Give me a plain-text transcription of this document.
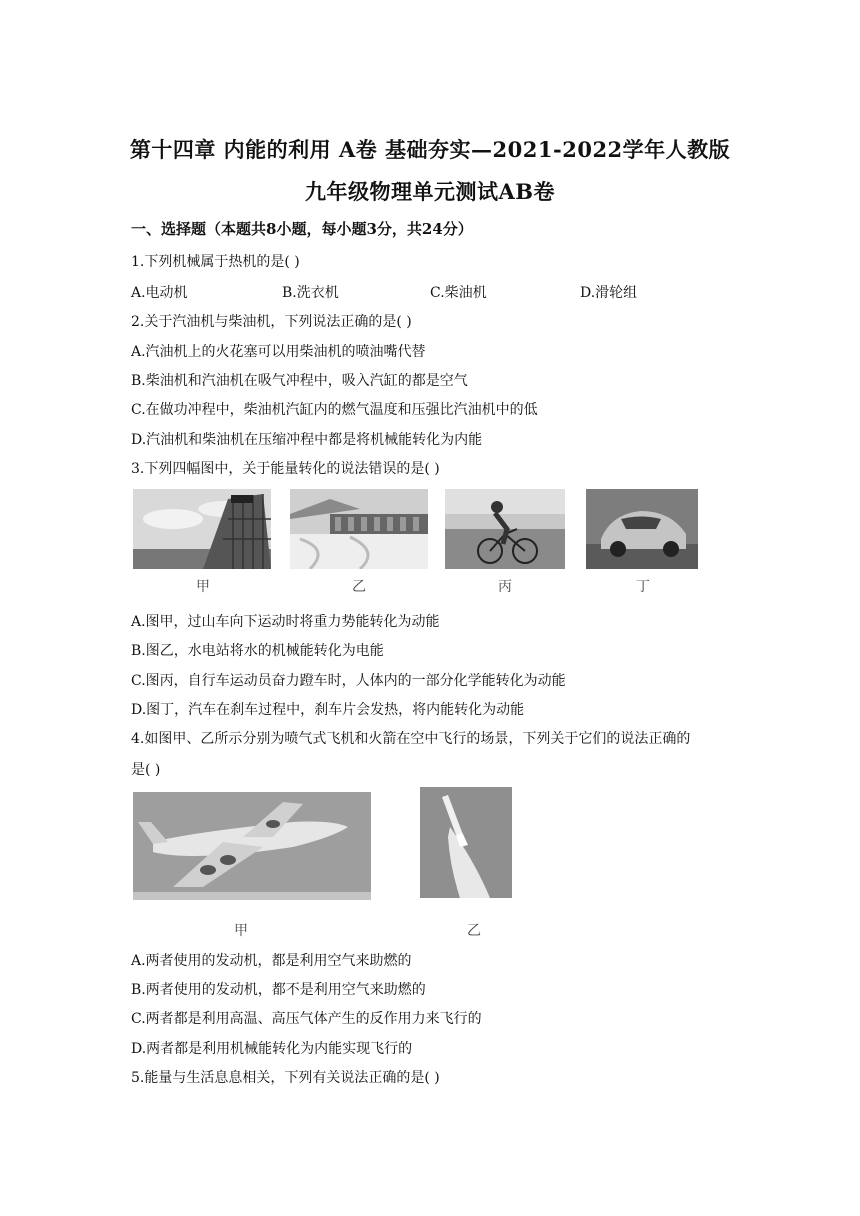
第十四章 内能的利用 A卷 基础夯实—2021-2022学年人教版
九年级物理单元测试AB卷
一、选择题（本题共8小题，每小题3分，共24分）
1.下列机械属于热机的是( )
A.电动机	B.洗衣机	C.柴油机	D.滑轮组
2.关于汽油机与柴油机，下列说法正确的是( )
A.汽油机上的火花塞可以用柴油机的喷油嘴代替
B.柴油机和汽油机在吸气冲程中，吸入汽缸的都是空气
C.在做功冲程中，柴油机汽缸内的燃气温度和压强比汽油机中的低
D.汽油机和柴油机在压缩冲程中都是将机械能转化为内能
3.下列四幅图中，关于能量转化的说法错误的是( )
甲	乙	丙	丁
A.图甲，过山车向下运动时将重力势能转化为动能
B.图乙，水电站将水的机械能转化为电能
C.图丙，自行车运动员奋力蹬车时，人体内的一部分化学能转化为动能
D.图丁，汽车在刹车过程中，刹车片会发热，将内能转化为动能
4.如图甲、乙所示分别为喷气式飞机和火箭在空中飞行的场景，下列关于它们的说法正确的
是( )
甲	乙
A.两者使用的发动机，都是利用空气来助燃的
B.两者使用的发动机，都不是利用空气来助燃的
C.两者都是利用高温、高压气体产生的反作用力来飞行的
D.两者都是利用机械能转化为内能实现飞行的
5.能量与生活息息相关，下列有关说法正确的是( )
